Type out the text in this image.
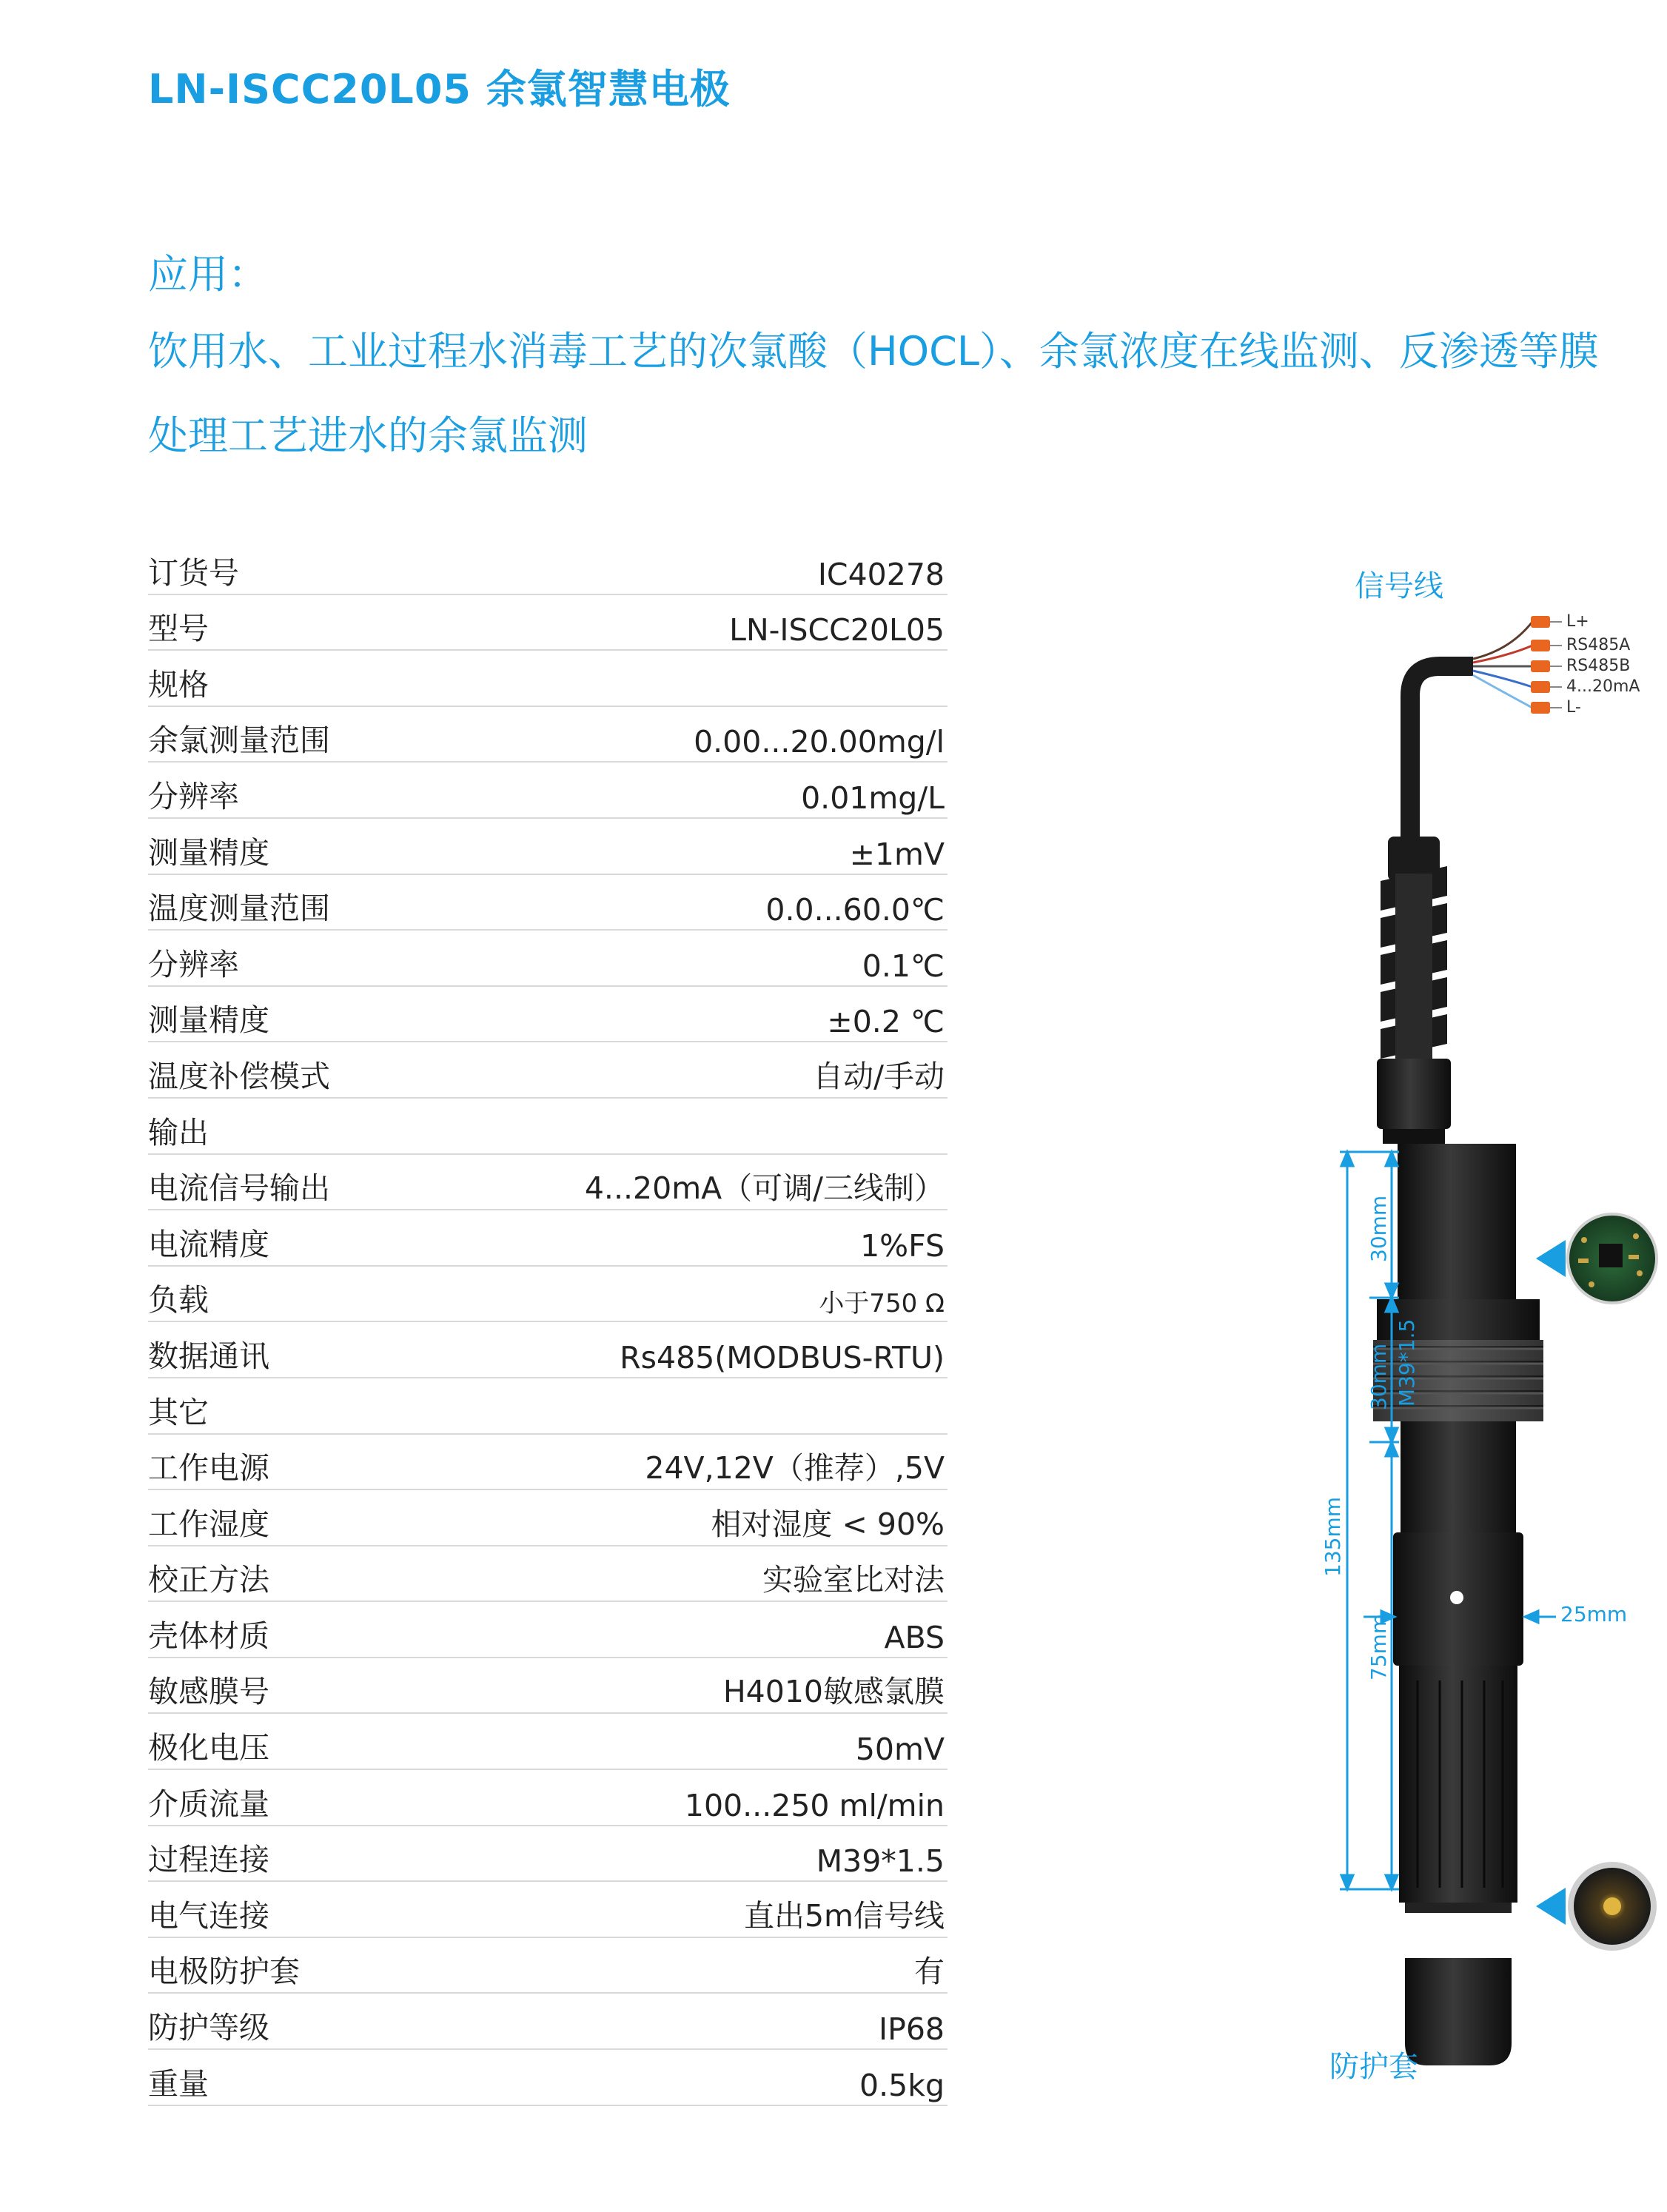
LN-ISCC20L05 余氯智慧电极
应用：
饮用水、工业过程水消毒工艺的次氯酸（HOCL）、余氯浓度在线监测、反渗透等膜处理工艺进水的余氯监测
订货号	IC40278
型号	LN-ISCC20L05
规格
余氯测量范围	0.00...20.00mg/l
分辨率	0.01mg/L
测量精度	±1mV
温度测量范围	0.0...60.0℃
分辨率	0.1℃
测量精度	±0.2 ℃
温度补偿模式	自动/手动
输出
电流信号输出	4...20mA（可调/三线制）
电流精度	1%FS
负载	小于750 Ω
数据通讯	Rs485(MODBUS-RTU)
其它
工作电源	24V,12V（推荐）,5V
工作湿度	相对湿度 < 90%
校正方法	实验室比对法
壳体材质	ABS
敏感膜号	H4010敏感氯膜
极化电压	50mV
介质流量	100...250 ml/min
过程连接	M39*1.5
电气连接	直出5m信号线
电极防护套	有
防护等级	IP68
重量	0.5kg
信号线
L+
RS485A
RS485B
4...20mA
L-
135mm
30mm
30mm M39*1.5
75mm	25mm
防护套
